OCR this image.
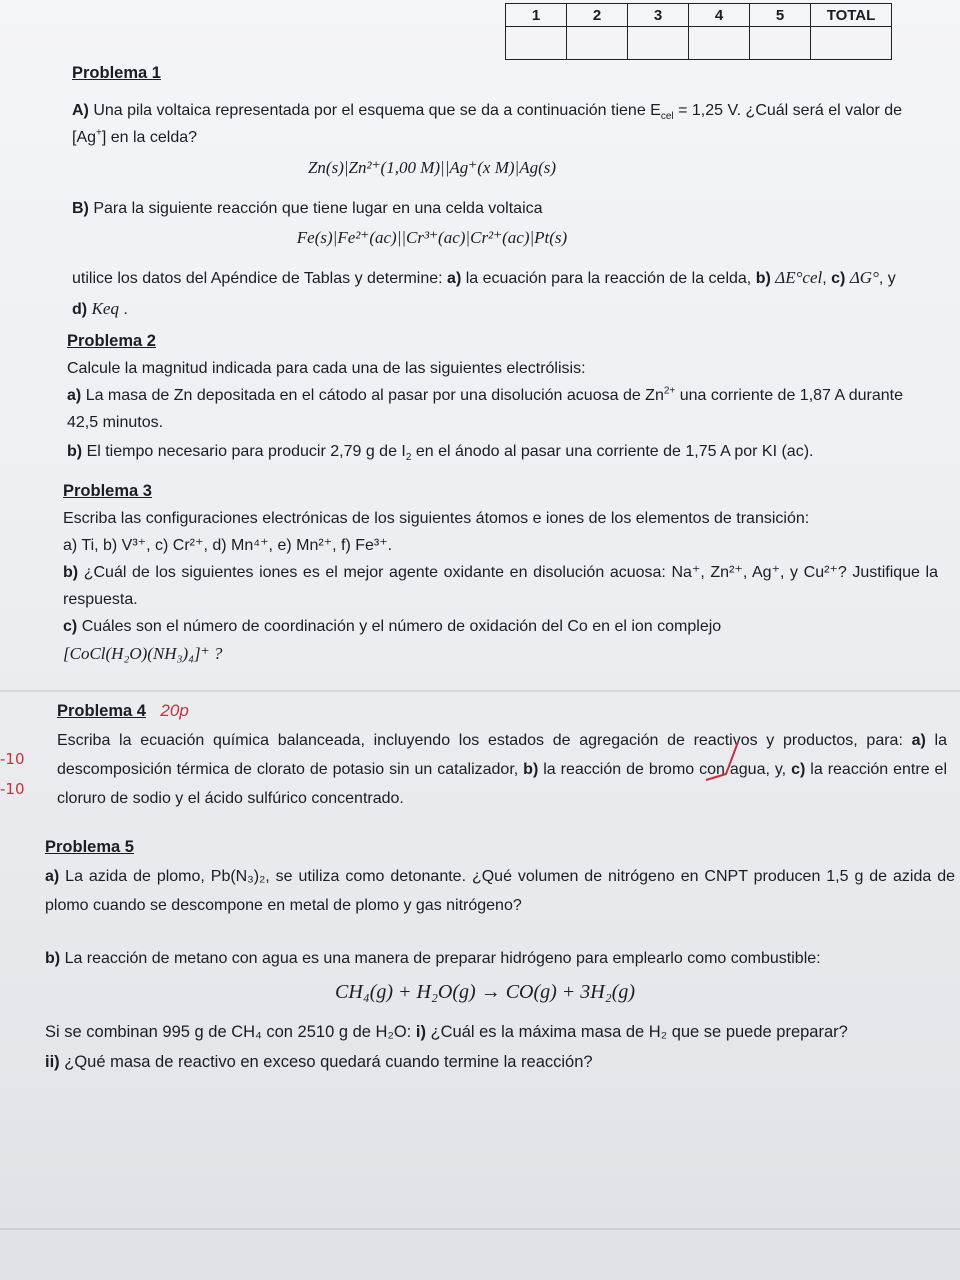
1	2	3	4	5	TOTAL

Problema 1
A) Una pila voltaica representada por el esquema que se da a continuación tiene $E_{cel} = 1,25$ V. ¿Cuál será el valor de [Ag+] en la celda?
Zn(s)|Zn²⁺(1,00 M)||Ag⁺(x M)|Ag(s)
B) Para la siguiente reacción que tiene lugar en una celda voltaica
Fe(s)|Fe²⁺(ac)||Cr³⁺(ac)|Cr²⁺(ac)|Pt(s)
utilice los datos del Apéndice de Tablas y determine: a) la ecuación para la reacción de la celda, b) ΔE°cel, c) ΔG°, y d) Keq .
Problema 2
Calcule la magnitud indicada para cada una de las siguientes electrólisis:
a) La masa de Zn depositada en el cátodo al pasar por una disolución acuosa de $Zn^{2+}$ una corriente de 1,87 A durante 42,5 minutos.
b) El tiempo necesario para producir 2,79 g de $I_2$ en el ánodo al pasar una corriente de 1,75 A por KI (ac).
Problema 3
Escriba las configuraciones electrónicas de los siguientes átomos e iones de los elementos de transición:
a) Ti, b) V³⁺, c) Cr²⁺, d) Mn⁴⁺, e) Mn²⁺, f) Fe³⁺.
b) ¿Cuál de los siguientes iones es el mejor agente oxidante en disolución acuosa: Na⁺, Zn²⁺, Ag⁺, y Cu²⁺? Justifique la respuesta.
c) Cuáles son el número de coordinación y el número de oxidación del Co en el ion complejo
[CoCl(H₂O)(NH₃)₄]⁺ ?
Problema 4 20p
Escriba la ecuación química balanceada, incluyendo los estados de agregación de reactivos y productos, para: a) la descomposición térmica de clorato de potasio sin un catalizador, b) la reacción de bromo con agua, y, c) la reacción entre el cloruro de sodio y el ácido sulfúrico concentrado.
-10
-10
Problema 5
a) La azida de plomo, Pb(N₃)₂, se utiliza como detonante. ¿Qué volumen de nitrógeno en CNPT producen 1,5 g de azida de plomo cuando se descompone en metal de plomo y gas nitrógeno?
b) La reacción de metano con agua es una manera de preparar hidrógeno para emplearlo como combustible:
CH₄(g) + H₂O(g) → CO(g) + 3H₂(g)
Si se combinan 995 g de CH₄ con 2510 g de H₂O: i) ¿Cuál es la máxima masa de H₂ que se puede preparar?
ii) ¿Qué masa de reactivo en exceso quedará cuando termine la reacción?
